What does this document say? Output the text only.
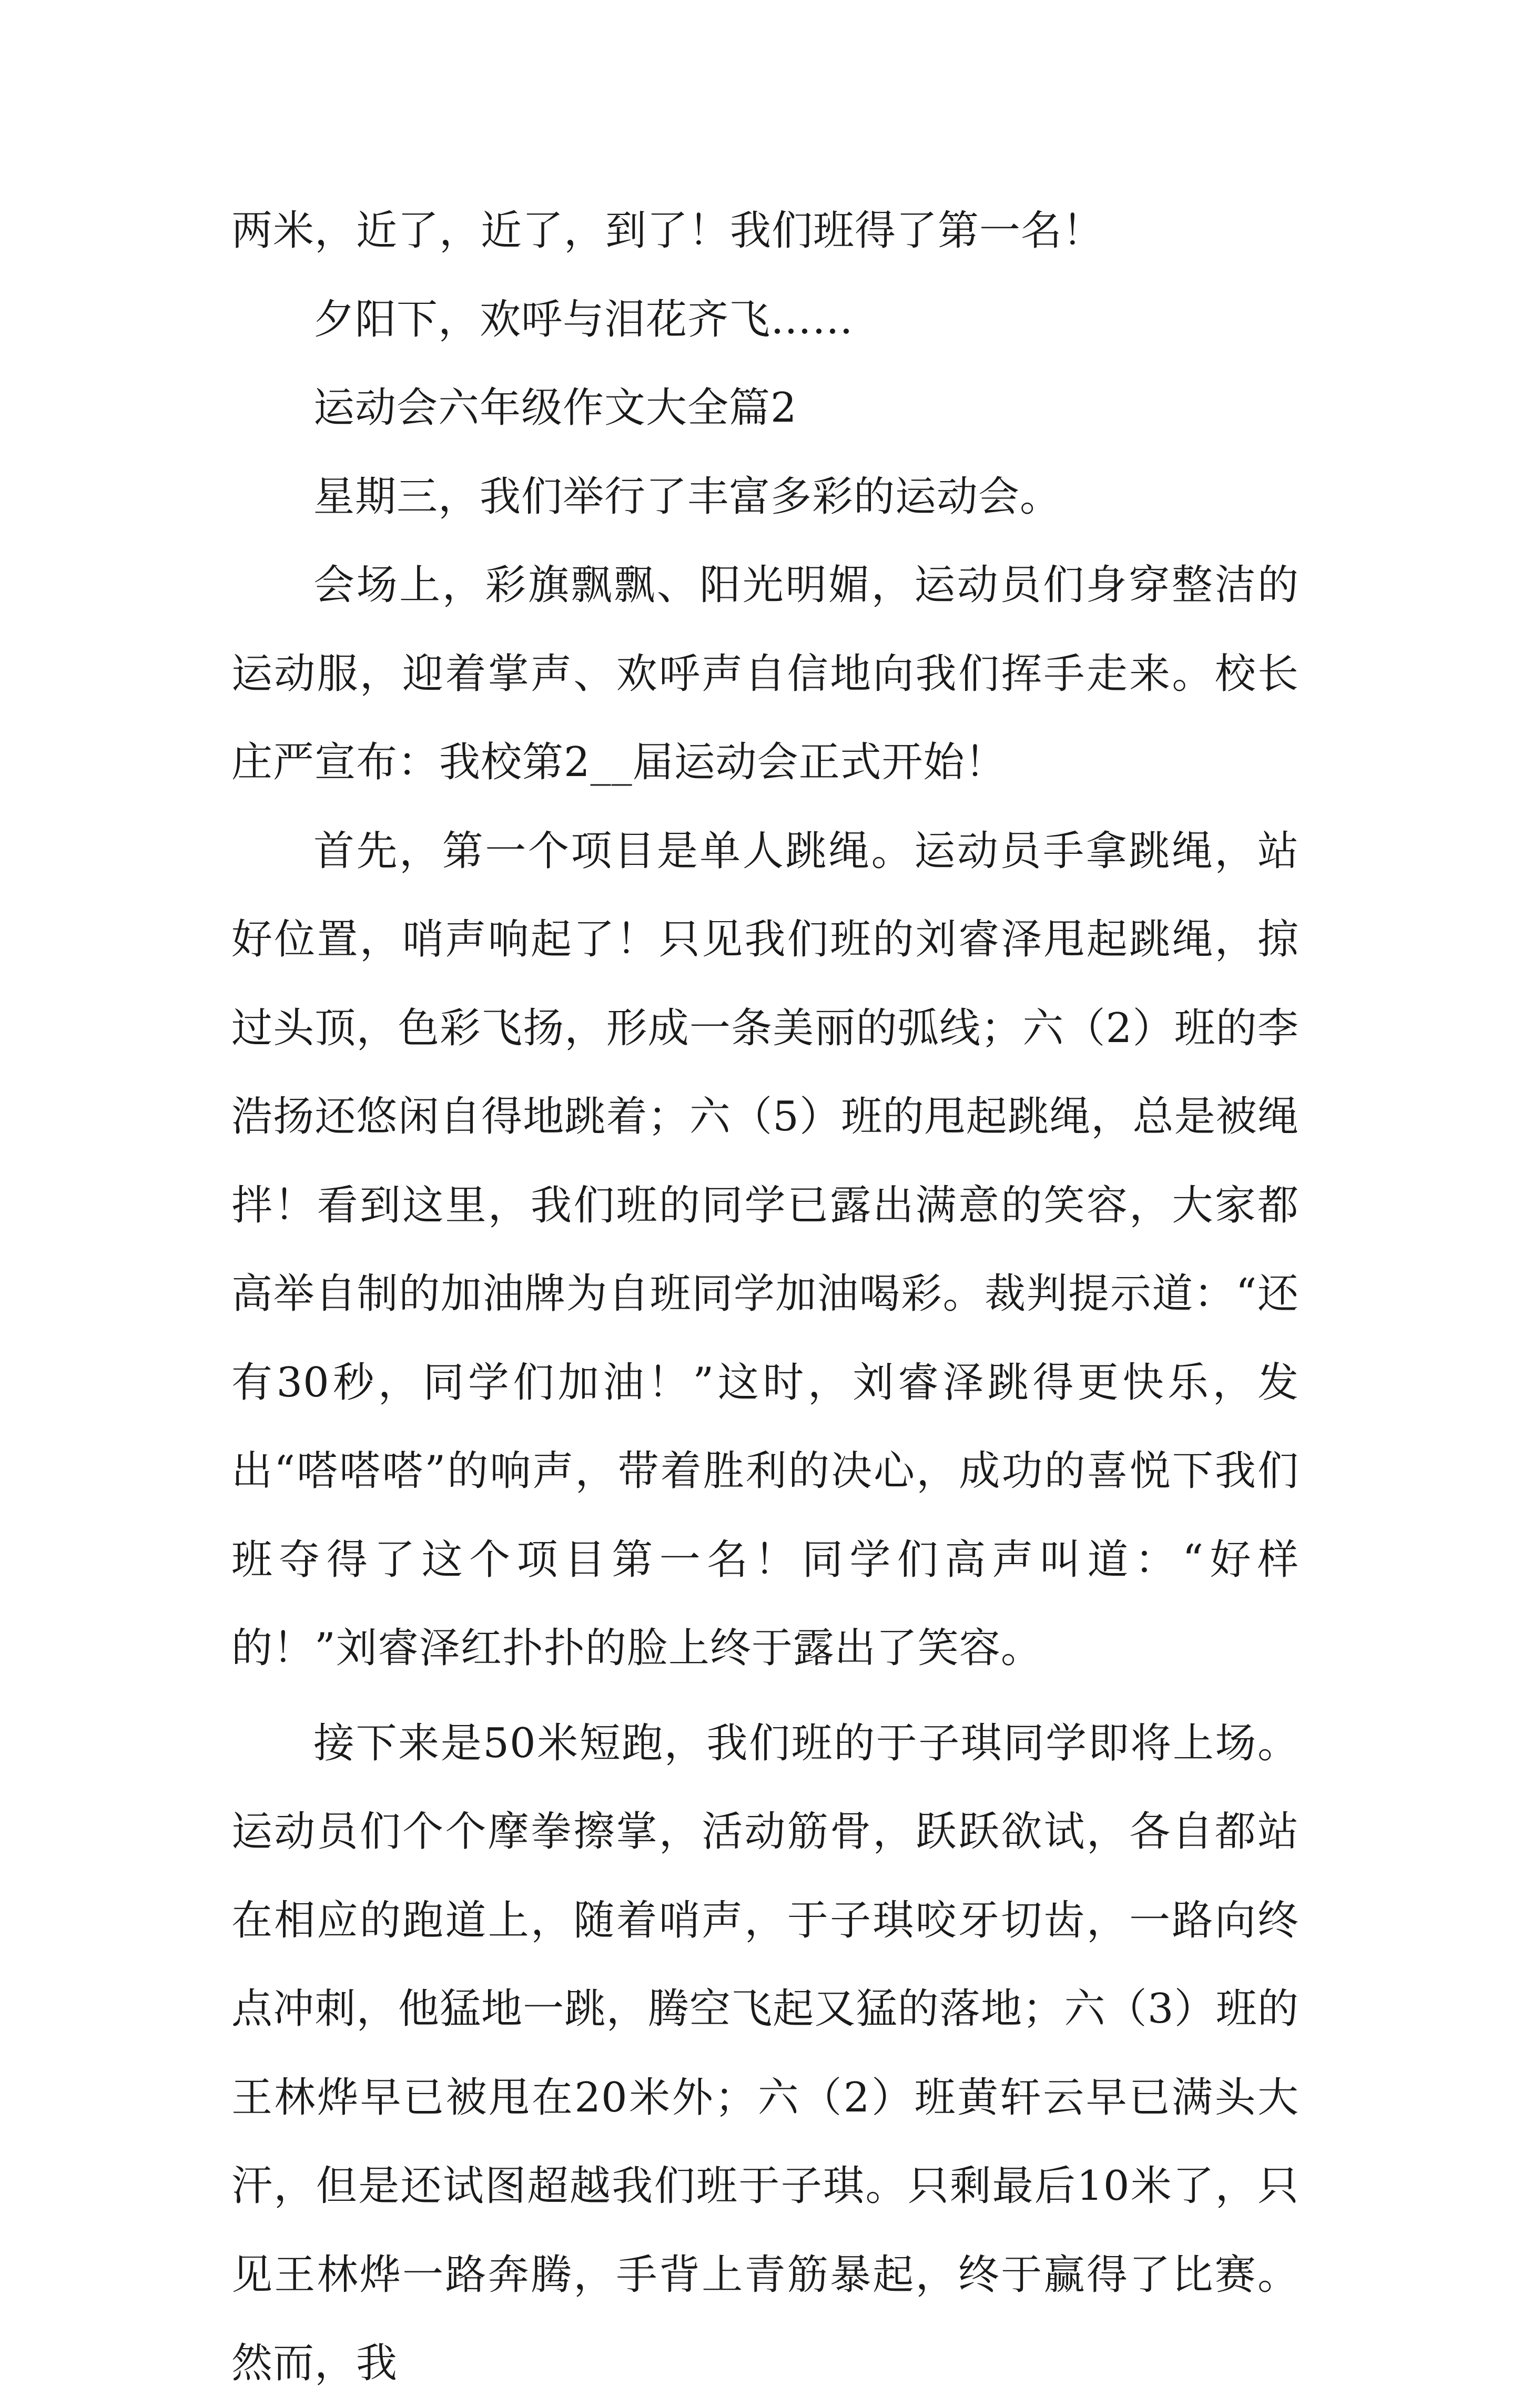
两米，近了，近了，到了！我们班得了第一名！

夕阳下，欢呼与泪花齐飞……

运动会六年级作文大全篇2

星期三，我们举行了丰富多彩的运动会。

会场上，彩旗飘飘、阳光明媚，运动员们身穿整洁的运动服，迎着掌声、欢呼声自信地向我们挥手走来。校长庄严宣布：我校第2__届运动会正式开始！

首先，第一个项目是单人跳绳。运动员手拿跳绳，站好位置，哨声响起了！只见我们班的刘睿泽甩起跳绳，掠过头顶，色彩飞扬，形成一条美丽的弧线；六（2）班的李浩扬还悠闲自得地跳着；六（5）班的甩起跳绳，总是被绳拌！看到这里，我们班的同学已露出满意的笑容，大家都高举自制的加油牌为自班同学加油喝彩。裁判提示道：“还有30秒，同学们加油！”这时，刘睿泽跳得更快乐，发出“嗒嗒嗒”的响声，带着胜利的决心，成功的喜悦下我们班夺得了这个项目第一名！同学们高声叫道：“好样的！”刘睿泽红扑扑的脸上终于露出了笑容。

接下来是50米短跑，我们班的于子琪同学即将上场。运动员们个个摩拳擦掌，活动筋骨，跃跃欲试，各自都站在相应的跑道上，随着哨声，于子琪咬牙切齿，一路向终点冲刺，他猛地一跳，腾空飞起又猛的落地；六（3）班的王林烨早已被甩在20米外；六（2）班黄轩云早已满头大汗，但是还试图超越我们班于子琪。只剩最后10米了，只见王林烨一路奔腾，手背上青筋暴起，终于赢得了比赛。然而，我
